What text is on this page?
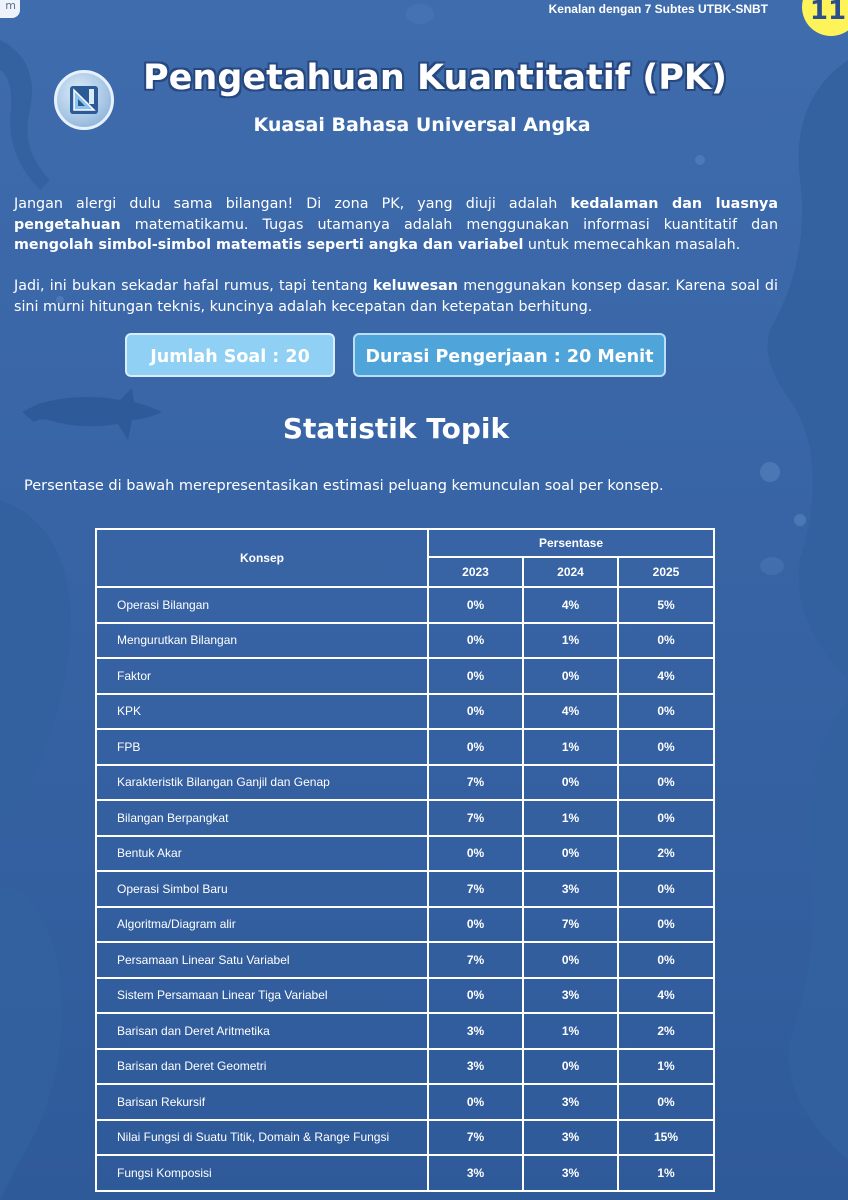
m	Kenalan dengan 7 Subtes UTBK-SNBT	11
Pengetahuan Kuantitatif (PK)
Kuasai Bahasa Universal Angka

Jangan alergi dulu sama bilangan! Di zona PK, yang diuji adalah kedalaman dan luasnya pengetahuan matematikamu. Tugas utamanya adalah menggunakan informasi kuantitatif dan mengolah simbol-simbol matematis seperti angka dan variabel untuk memecahkan masalah.

Jadi, ini bukan sekadar hafal rumus, tapi tentang keluwesan menggunakan konsep dasar. Karena soal di sini murni hitungan teknis, kuncinya adalah kecepatan dan ketepatan berhitung.

Jumlah Soal : 20	Durasi Pengerjaan : 20 Menit
Statistik Topik
Persentase di bawah merepresentasikan estimasi peluang kemunculan soal per konsep.
Konsep	Persentase		
	2023	2024	2025
Operasi Bilangan	0%	4%	5%
Mengurutkan Bilangan	0%	1%	0%
Faktor	0%	0%	4%
KPK	0%	4%	0%
FPB	0%	1%	0%
Karakteristik Bilangan Ganjil dan Genap	7%	0%	0%
Bilangan Berpangkat	7%	1%	0%
Bentuk Akar	0%	0%	2%
Operasi Simbol Baru	7%	3%	0%
Algoritma/Diagram alir	0%	7%	0%
Persamaan Linear Satu Variabel	7%	0%	0%
Sistem Persamaan Linear Tiga Variabel	0%	3%	4%
Barisan dan Deret Aritmetika	3%	1%	2%
Barisan dan Deret Geometri	3%	0%	1%
Barisan Rekursif	0%	3%	0%
Nilai Fungsi di Suatu Titik, Domain & Range Fungsi	7%	3%	15%
Fungsi Komposisi	3%	3%	1%
